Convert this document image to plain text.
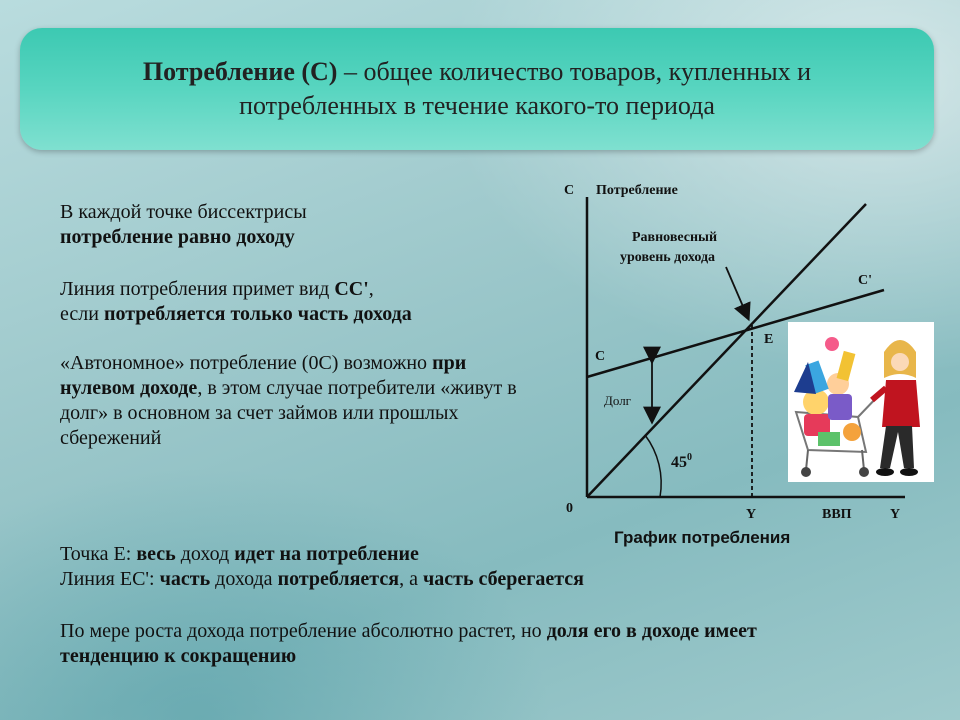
Потребление (С) – общее количество товаров, купленных и потребленных в течение какого-то периода
В каждой точке биссектрисы
потребление равно доходу
Линия потребления примет вид СС',
если потребляется только часть дохода
«Автономное» потребление (0С) возможно при нулевом доходе, в этом случае потребители «живут в долг» в основном за счет займов или прошлых сбережений
Точка Е: весь доход идет на потребление
Линия ЕС': часть дохода потребляется, а часть сберегается
По мере роста дохода потребление абсолютно растет, но доля его в доходе имеет тенденцию к сокращению
С Потребление
Равновесный
уровень дохода
С'
Е
С
Долг
$45^0$
0	Y	ВВП	Y
График потребления
